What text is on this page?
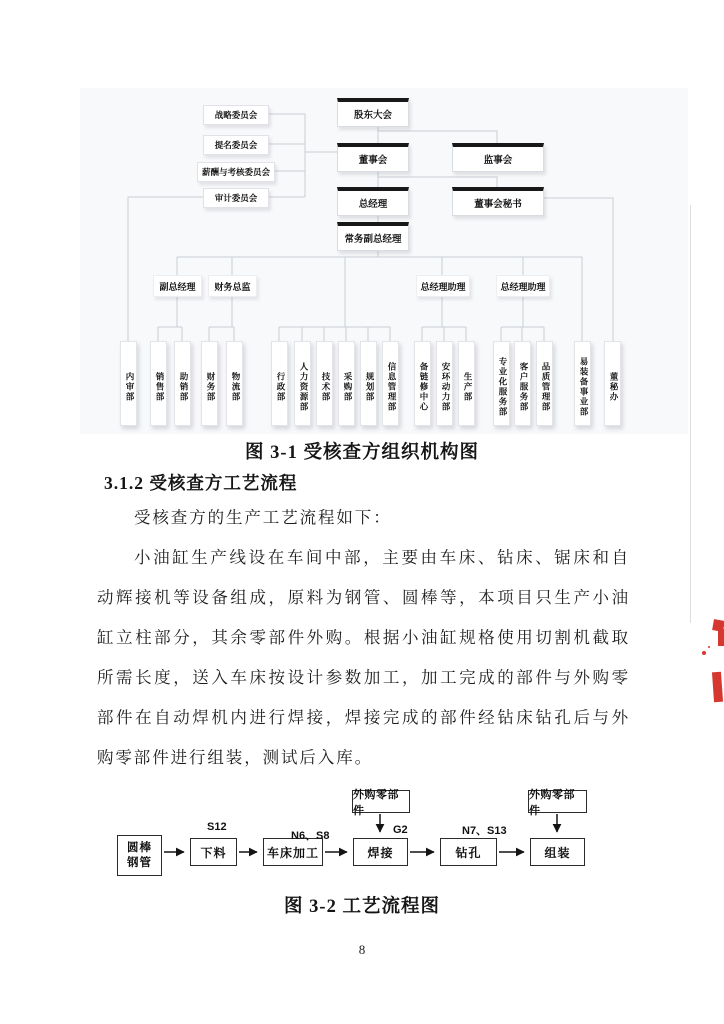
股东大会
董事会	监事会
总经理	董事会秘书
常务副总经理
战略委员会
提名委员会
薪酬与考核委员会
审计委员会
副总经理	财务总监	总经理助理	总经理助理
内审部	销售部	助销部	财务部	物流部	行政部	人力资源部	技术部	采购部	规划部	信息管理部	备链修中心	安环动力部	生产部	专业化服务部	客户服务部	品质管理部	易装备事业部	董秘办
图 3-1 受核查方组织机构图
3.1.2 受核查方工艺流程

受核查方的生产工艺流程如下：

小油缸生产线设在车间中部，主要由车床、钻床、锯床和自动辉接机等设备组成，原料为钢管、圆棒等，本项目只生产小油缸立柱部分，其余零部件外购。根据小油缸规格使用切割机截取所需长度，送入车床按设计参数加工，加工完成的部件与外购零部件在自动焊机内进行焊接，焊接完成的部件经钻床钻孔后与外购零部件进行组装，测试后入库。

圆棒
钢管
下料
S12
车床加工
N6、S8
焊接
G2
钻孔
N7、S13
组装
外购零部件
外购零部件
图 3-2 工艺流程图
8
